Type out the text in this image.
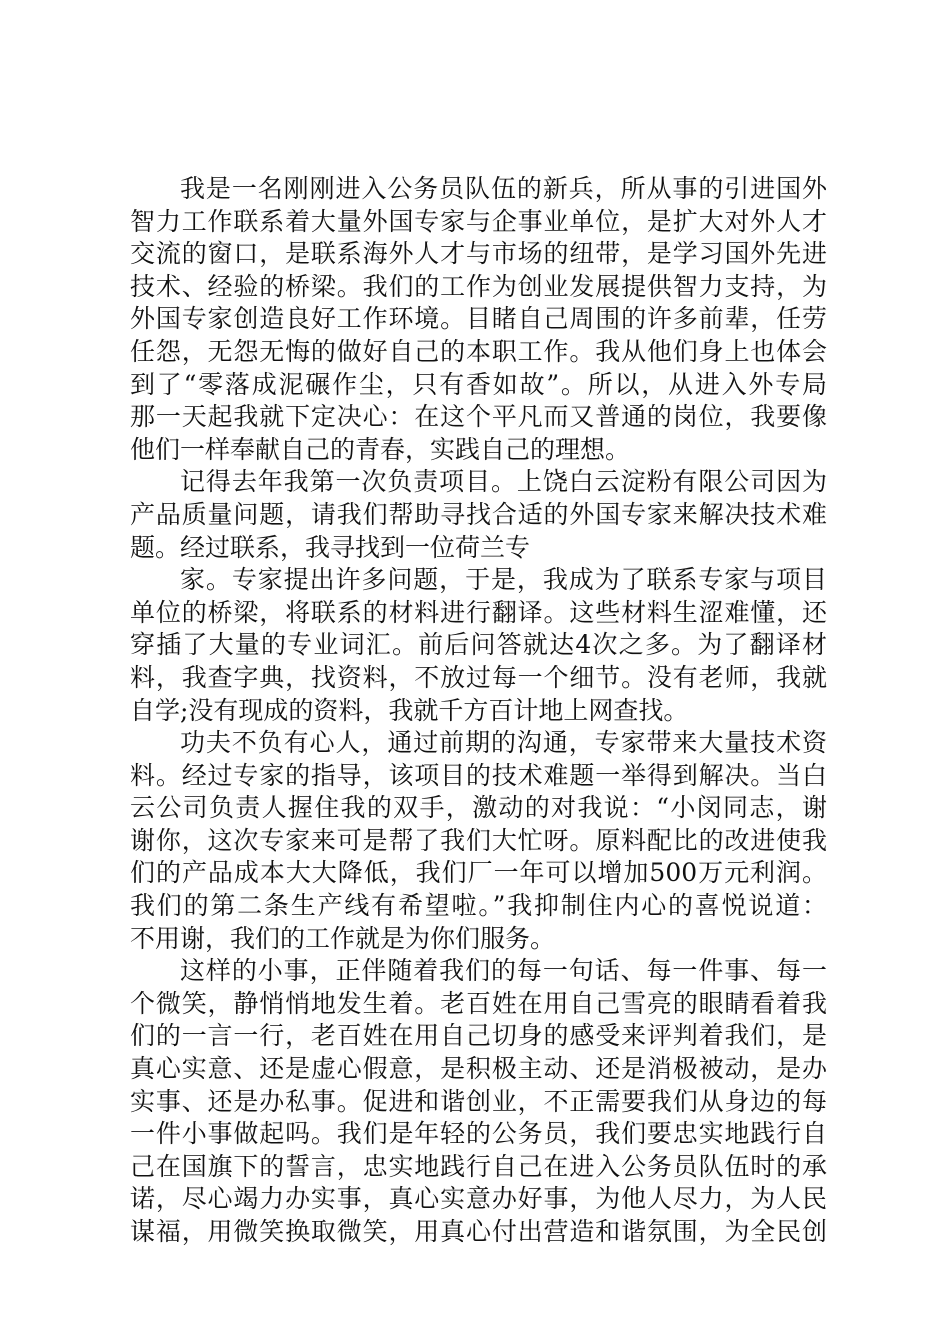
我是一名刚刚进入公务员队伍的新兵，所从事的引进国外
智力工作联系着大量外国专家与企事业单位，是扩大对外人才
交流的窗口，是联系海外人才与市场的纽带，是学习国外先进
技术、经验的桥梁。我们的工作为创业发展提供智力支持，为
外国专家创造良好工作环境。目睹自己周围的许多前辈，任劳
任怨，无怨无悔的做好自己的本职工作。我从他们身上也体会
到了“零落成泥碾作尘，只有香如故”。所以，从进入外专局
那一天起我就下定决心：在这个平凡而又普通的岗位，我要像
他们一样奉献自己的青春，实践自己的理想。
记得去年我第一次负责项目。上饶白云淀粉有限公司因为
产品质量问题，请我们帮助寻找合适的外国专家来解决技术难
题。经过联系，我寻找到一位荷兰专
家。专家提出许多问题，于是，我成为了联系专家与项目
单位的桥梁，将联系的材料进行翻译。这些材料生涩难懂，还
穿插了大量的专业词汇。前后问答就达4次之多。为了翻译材
料，我查字典，找资料，不放过每一个细节。没有老师，我就
自学;没有现成的资料，我就千方百计地上网查找。
功夫不负有心人，通过前期的沟通，专家带来大量技术资
料。经过专家的指导，该项目的技术难题一举得到解决。当白
云公司负责人握住我的双手，激动的对我说：“小闵同志，谢
谢你，这次专家来可是帮了我们大忙呀。原料配比的改进使我
们的产品成本大大降低，我们厂一年可以增加500万元利润。
我们的第二条生产线有希望啦。”我抑制住内心的喜悦说道：
不用谢，我们的工作就是为你们服务。
这样的小事，正伴随着我们的每一句话、每一件事、每一
个微笑，静悄悄地发生着。老百姓在用自己雪亮的眼睛看着我
们的一言一行，老百姓在用自己切身的感受来评判着我们，是
真心实意、还是虚心假意，是积极主动、还是消极被动，是办
实事、还是办私事。促进和谐创业，不正需要我们从身边的每
一件小事做起吗。我们是年轻的公务员，我们要忠实地践行自
己在国旗下的誓言，忠实地践行自己在进入公务员队伍时的承
诺，尽心竭力办实事，真心实意办好事，为他人尽力，为人民
谋福，用微笑换取微笑，用真心付出营造和谐氛围，为全民创
